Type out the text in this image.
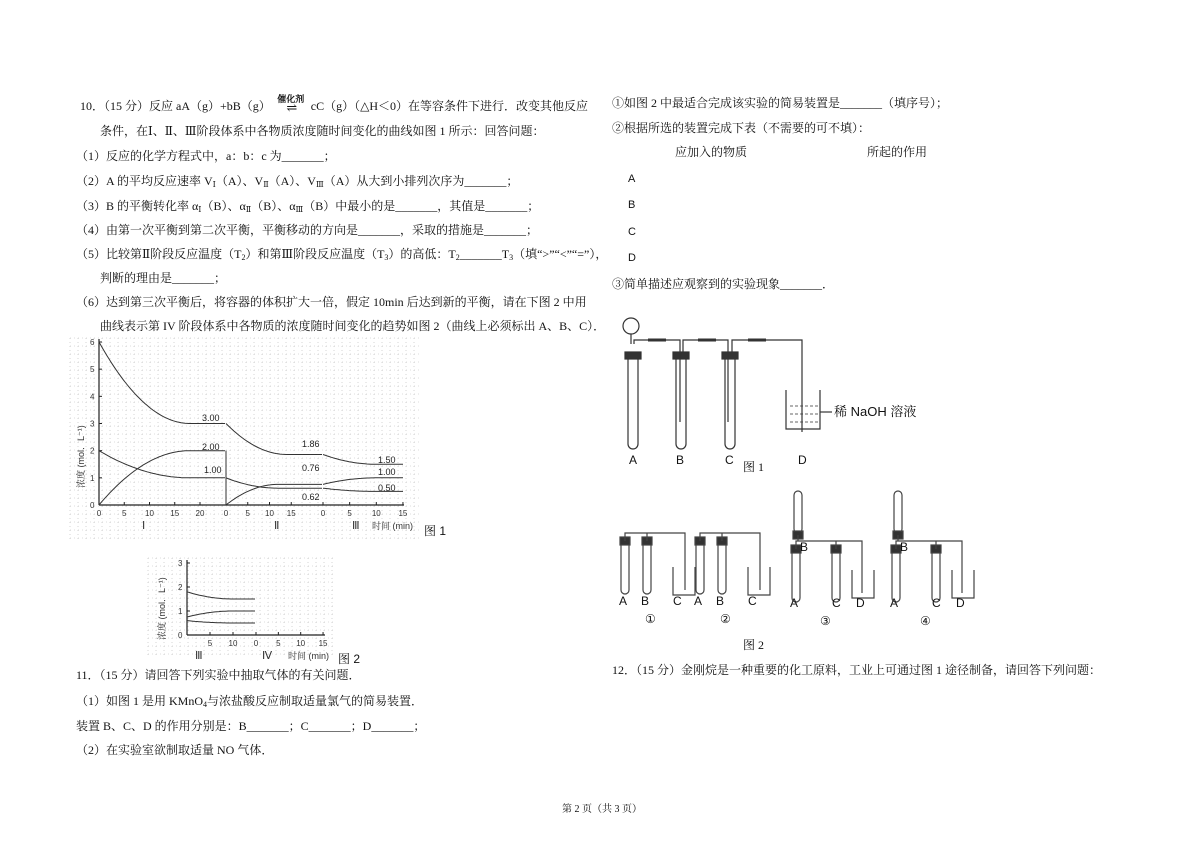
10．（15 分）反应 aA（g）+bB（g） 催化剂
⇌	cC（g）（△H＜0）在等容条件下进行．改变其他反应
条件，在Ⅰ、Ⅱ、Ⅲ阶段体系中各物质浓度随时间变化的曲线如图 1 所示：回答问题：
（1）反应的化学方程式中，a：b：c 为_______；
（2）A 的平均反应速率 $V_Ⅰ(A)$、$V_Ⅱ(A)$、$V_Ⅲ(A)$从大到小排列次序为_______；
（3）B 的平衡转化率 $\alpha_Ⅰ(B)$、$\alpha_Ⅱ(B)$、$\alpha_Ⅲ(B)$中最小的是_______，其值是_______；
（4）由第一次平衡到第二次平衡，平衡移动的方向是_______，采取的措施是_______；
（5）比较第Ⅱ阶段反应温度$(T_2)$和第Ⅲ阶段反应温度$(T_3)$的高低：$T_2\_\_\_\_\_\_\_T_3$（填“>”“<”“=”），
判断的理由是_______；
（6）达到第三次平衡后，将容器的体积扩大一倍，假定 10min 后达到新的平衡，请在下图 2 中用
曲线表示第 IV 阶段体系中各物质的浓度随时间变化的趋势如图 2（曲线上必须标出 A、B、C）．
0
1
2
3
4
5
6
0	5 10 15 20
Ⅰ
0 5 10 15
Ⅱ
0	5 10 15
Ⅲ
浓度 (mol．L⁻¹)
时间 (min) 图 1
3.00
2.00
1.00
1.86
0.76
0.62
1.50
1.00
0.50
0
1
2
3
5 10
Ⅲ
0 5 10 15
Ⅳ
浓度 (mol．L⁻¹)
时间 (min) 图 2
11．（15 分）请回答下列实验中抽取气体的有关问题．
（1）如图 1 是用 KMnO$_4$与浓盐酸反应制取适量氯气的简易装置．
装置 B、C、D 的作用分别是：B_______；C_______；D_______；
（2）在实验室欲制取适量 NO 气体．
①如图 2 中最适合完成该实验的简易装置是_______（填序号）；
②根据所选的装置完成下表（不需要的可不填）：
应加入的物质	所起的作用
A
B
C
D
③简单描述应观察到的实验现象_______．
稀 NaOH 溶液
A	B	C	D
图 1
A B C
①
A B C
②
A
B
C D
③
A
B
C D
④
图 2
12．（15 分）金刚烷是一种重要的化工原料，工业上可通过图 1 途径制备，请回答下列问题：
第 2 页（共 3 页）
